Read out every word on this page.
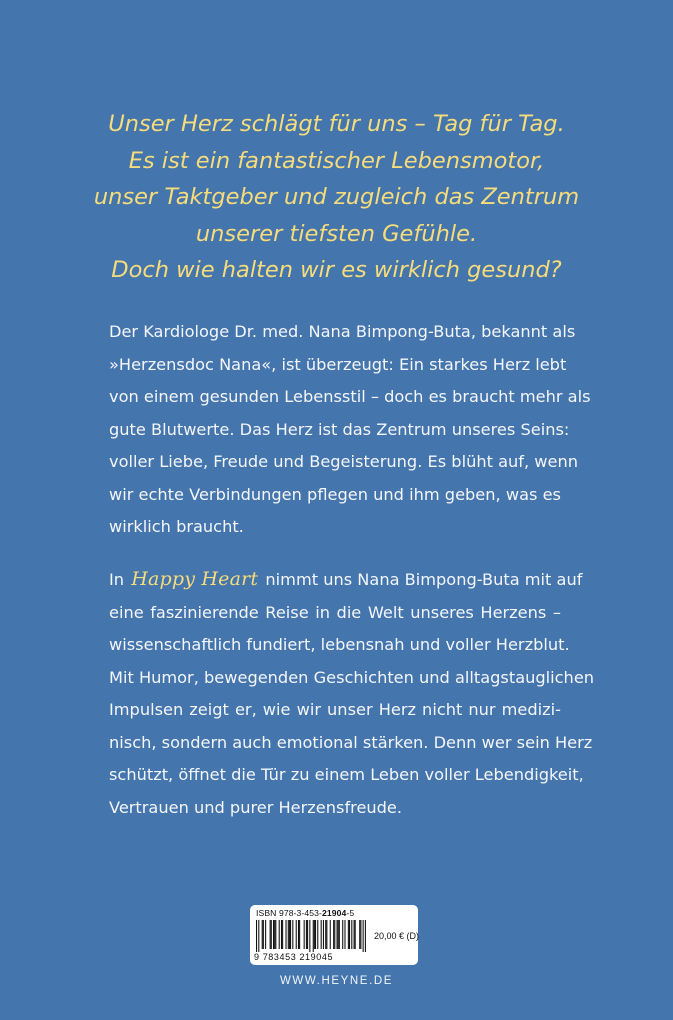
Unser Herz schlägt für uns – Tag für Tag.
Es ist ein fantastischer Lebensmotor,
unser Taktgeber und zugleich das Zentrum
unserer tiefsten Gefühle.
Doch wie halten wir es wirklich gesund?
Der Kardiologe Dr. med. Nana Bimpong-Buta, bekannt als
»Herzensdoc Nana«, ist überzeugt: Ein starkes Herz lebt
von einem gesunden Lebensstil – doch es braucht mehr als
gute Blutwerte. Das Herz ist das Zentrum unseres Seins:
voller Liebe, Freude und Begeisterung. Es blüht auf, wenn
wir echte Verbindungen pflegen und ihm geben, was es
wirklich braucht.
In Happy Heart nimmt uns Nana Bimpong-Buta mit auf
eine faszinierende Reise in die Welt unseres Herzens –
wissenschaftlich fundiert, lebensnah und voller Herzblut.
Mit Humor, bewegenden Geschichten und alltagstauglichen
Impulsen zeigt er, wie wir unser Herz nicht nur medizi-
nisch, sondern auch emotional stärken. Denn wer sein Herz
schützt, öffnet die Tür zu einem Leben voller Lebendigkeit,
Vertrauen und purer Herzensfreude.
ISBN 978-3-453-21904-5
9 783453 219045
20,00 € (D)
WWW.HEYNE.DE
